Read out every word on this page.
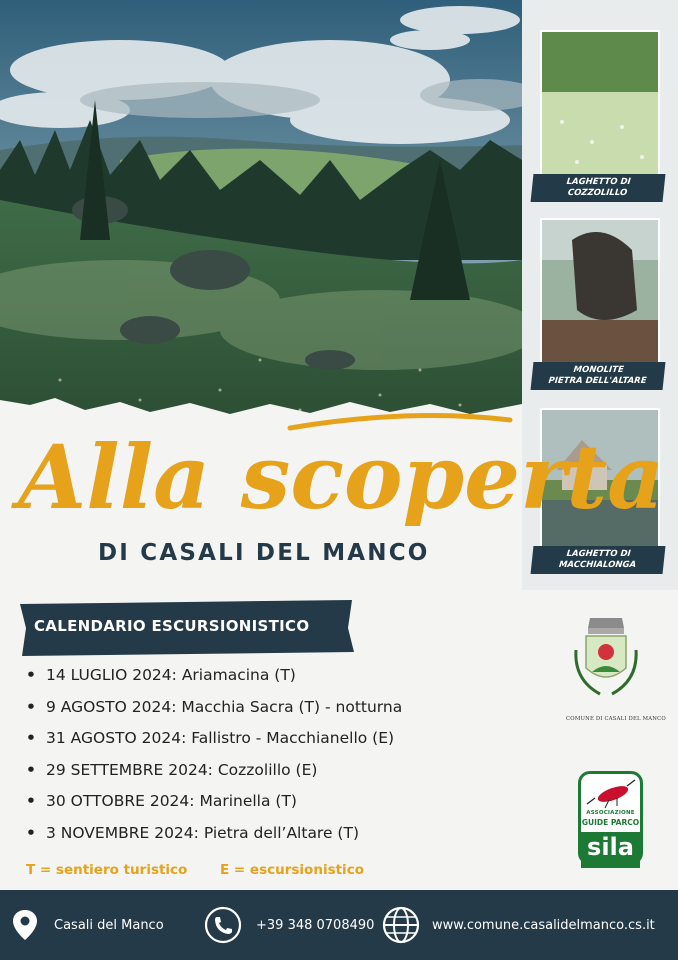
LAGHETTO DI
COZZOLILLO
MONOLITE
PIETRA DELL'ALTARE
LAGHETTO DI
MACCHIALONGA
Alla scoperta
DI CASALI DEL MANCO
CALENDARIO ESCURSIONISTICO
• 14 LUGLIO 2024: Ariamacina (T)
• 9 AGOSTO 2024: Macchia Sacra (T) - notturna
• 31 AGOSTO 2024: Fallistro - Macchianello (E)
• 29 SETTEMBRE 2024: Cozzolillo (E)
• 30 OTTOBRE 2024: Marinella (T)
• 3 NOVEMBRE 2024: Pietra dell’Altare (T)
T = sentiero turistico E = escursionistico
COMUNE DI CASALI DEL MANCO
ASSOCIAZIONE
GUIDE PARCO
sila
Casali del Manco	+39 348 0708490	www.comune.casalidelmanco.cs.it
